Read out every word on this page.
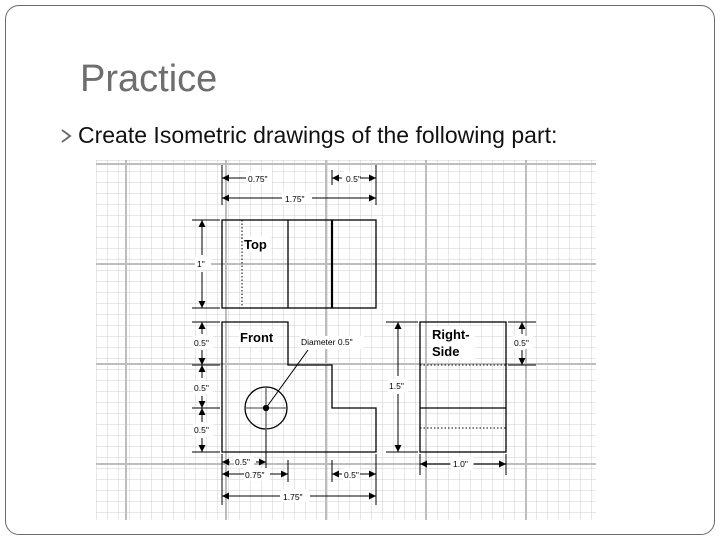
Practice
Create Isometric drawings of the following part:
0.75"	0.5"
1.75"
Top
1"
Front	Diameter 0.5"
0.5"
0.5"
0.5"
0.5"
0.75"	0.5"
1.75"
Right-
Side
1.5"
0.5"
1.0"
